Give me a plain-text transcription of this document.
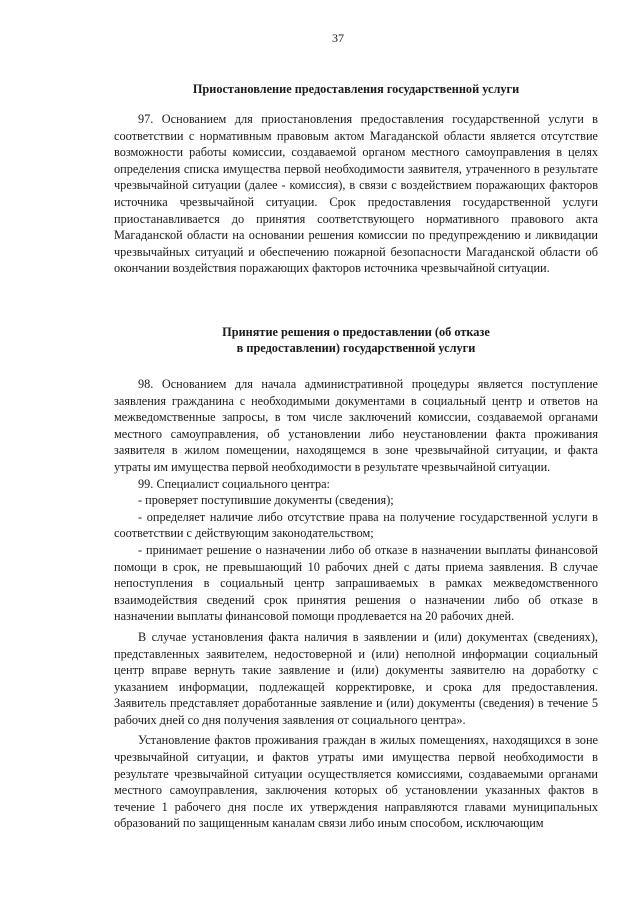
37
Приостановление предоставления государственной услуги

97. Основанием для приостановления предоставления государственной услуги в соответствии с нормативным правовым актом Магаданской области является отсутствие возможности работы комиссии, создаваемой органом местного самоуправления в целях определения списка имущества первой необходимости заявителя, утраченного в результате чрезвычайной ситуации (далее - комиссия), в связи с воздействием поражающих факторов источника чрезвычайной ситуации. Срок предоставления государственной услуги приостанавливается до принятия соответствующего нормативного правового акта Магаданской области на основании решения комиссии по предупреждению и ликвидации чрезвычайных ситуаций и обеспечению пожарной безопасности Магаданской области об окончании воздействия поражающих факторов источника чрезвычайной ситуации.

Принятие решения о предоставлении (об отказе
в предоставлении) государственной услуги

98. Основанием для начала административной процедуры является поступление заявления гражданина с необходимыми документами в социальный центр и ответов на межведомственные запросы, в том числе заключений комиссии, создаваемой органами местного самоуправления, об установлении либо неустановлении факта проживания заявителя в жилом помещении, находящемся в зоне чрезвычайной ситуации, и факта утраты им имущества первой необходимости в результате чрезвычайной ситуации.

99. Специалист социального центра:

- проверяет поступившие документы (сведения);

- определяет наличие либо отсутствие права на получение государственной услуги в соответствии с действующим законодательством;

- принимает решение о назначении либо об отказе в назначении выплаты финансовой помощи в срок, не превышающий 10 рабочих дней с даты приема заявления. В случае непоступления в социальный центр запрашиваемых в рамках межведомственного взаимодействия сведений срок принятия решения о назначении либо об отказе в назначении выплаты финансовой помощи продлевается на 20 рабочих дней.

В случае установления факта наличия в заявлении и (или) документах (сведениях), представленных заявителем, недостоверной и (или) неполной информации социальный центр вправе вернуть такие заявление и (или) документы заявителю на доработку с указанием информации, подлежащей корректировке, и срока для предоставления. Заявитель представляет доработанные заявление и (или) документы (сведения) в течение 5 рабочих дней со дня получения заявления от социального центра».

Установление фактов проживания граждан в жилых помещениях, находящихся в зоне чрезвычайной ситуации, и фактов утраты ими имущества первой необходимости в результате чрезвычайной ситуации осуществляется комиссиями, создаваемыми органами местного самоуправления, заключения которых об установлении указанных фактов в течение 1 рабочего дня после их утверждения направляются главами муниципальных образований по защищенным каналам связи либо иным способом, исключающим
